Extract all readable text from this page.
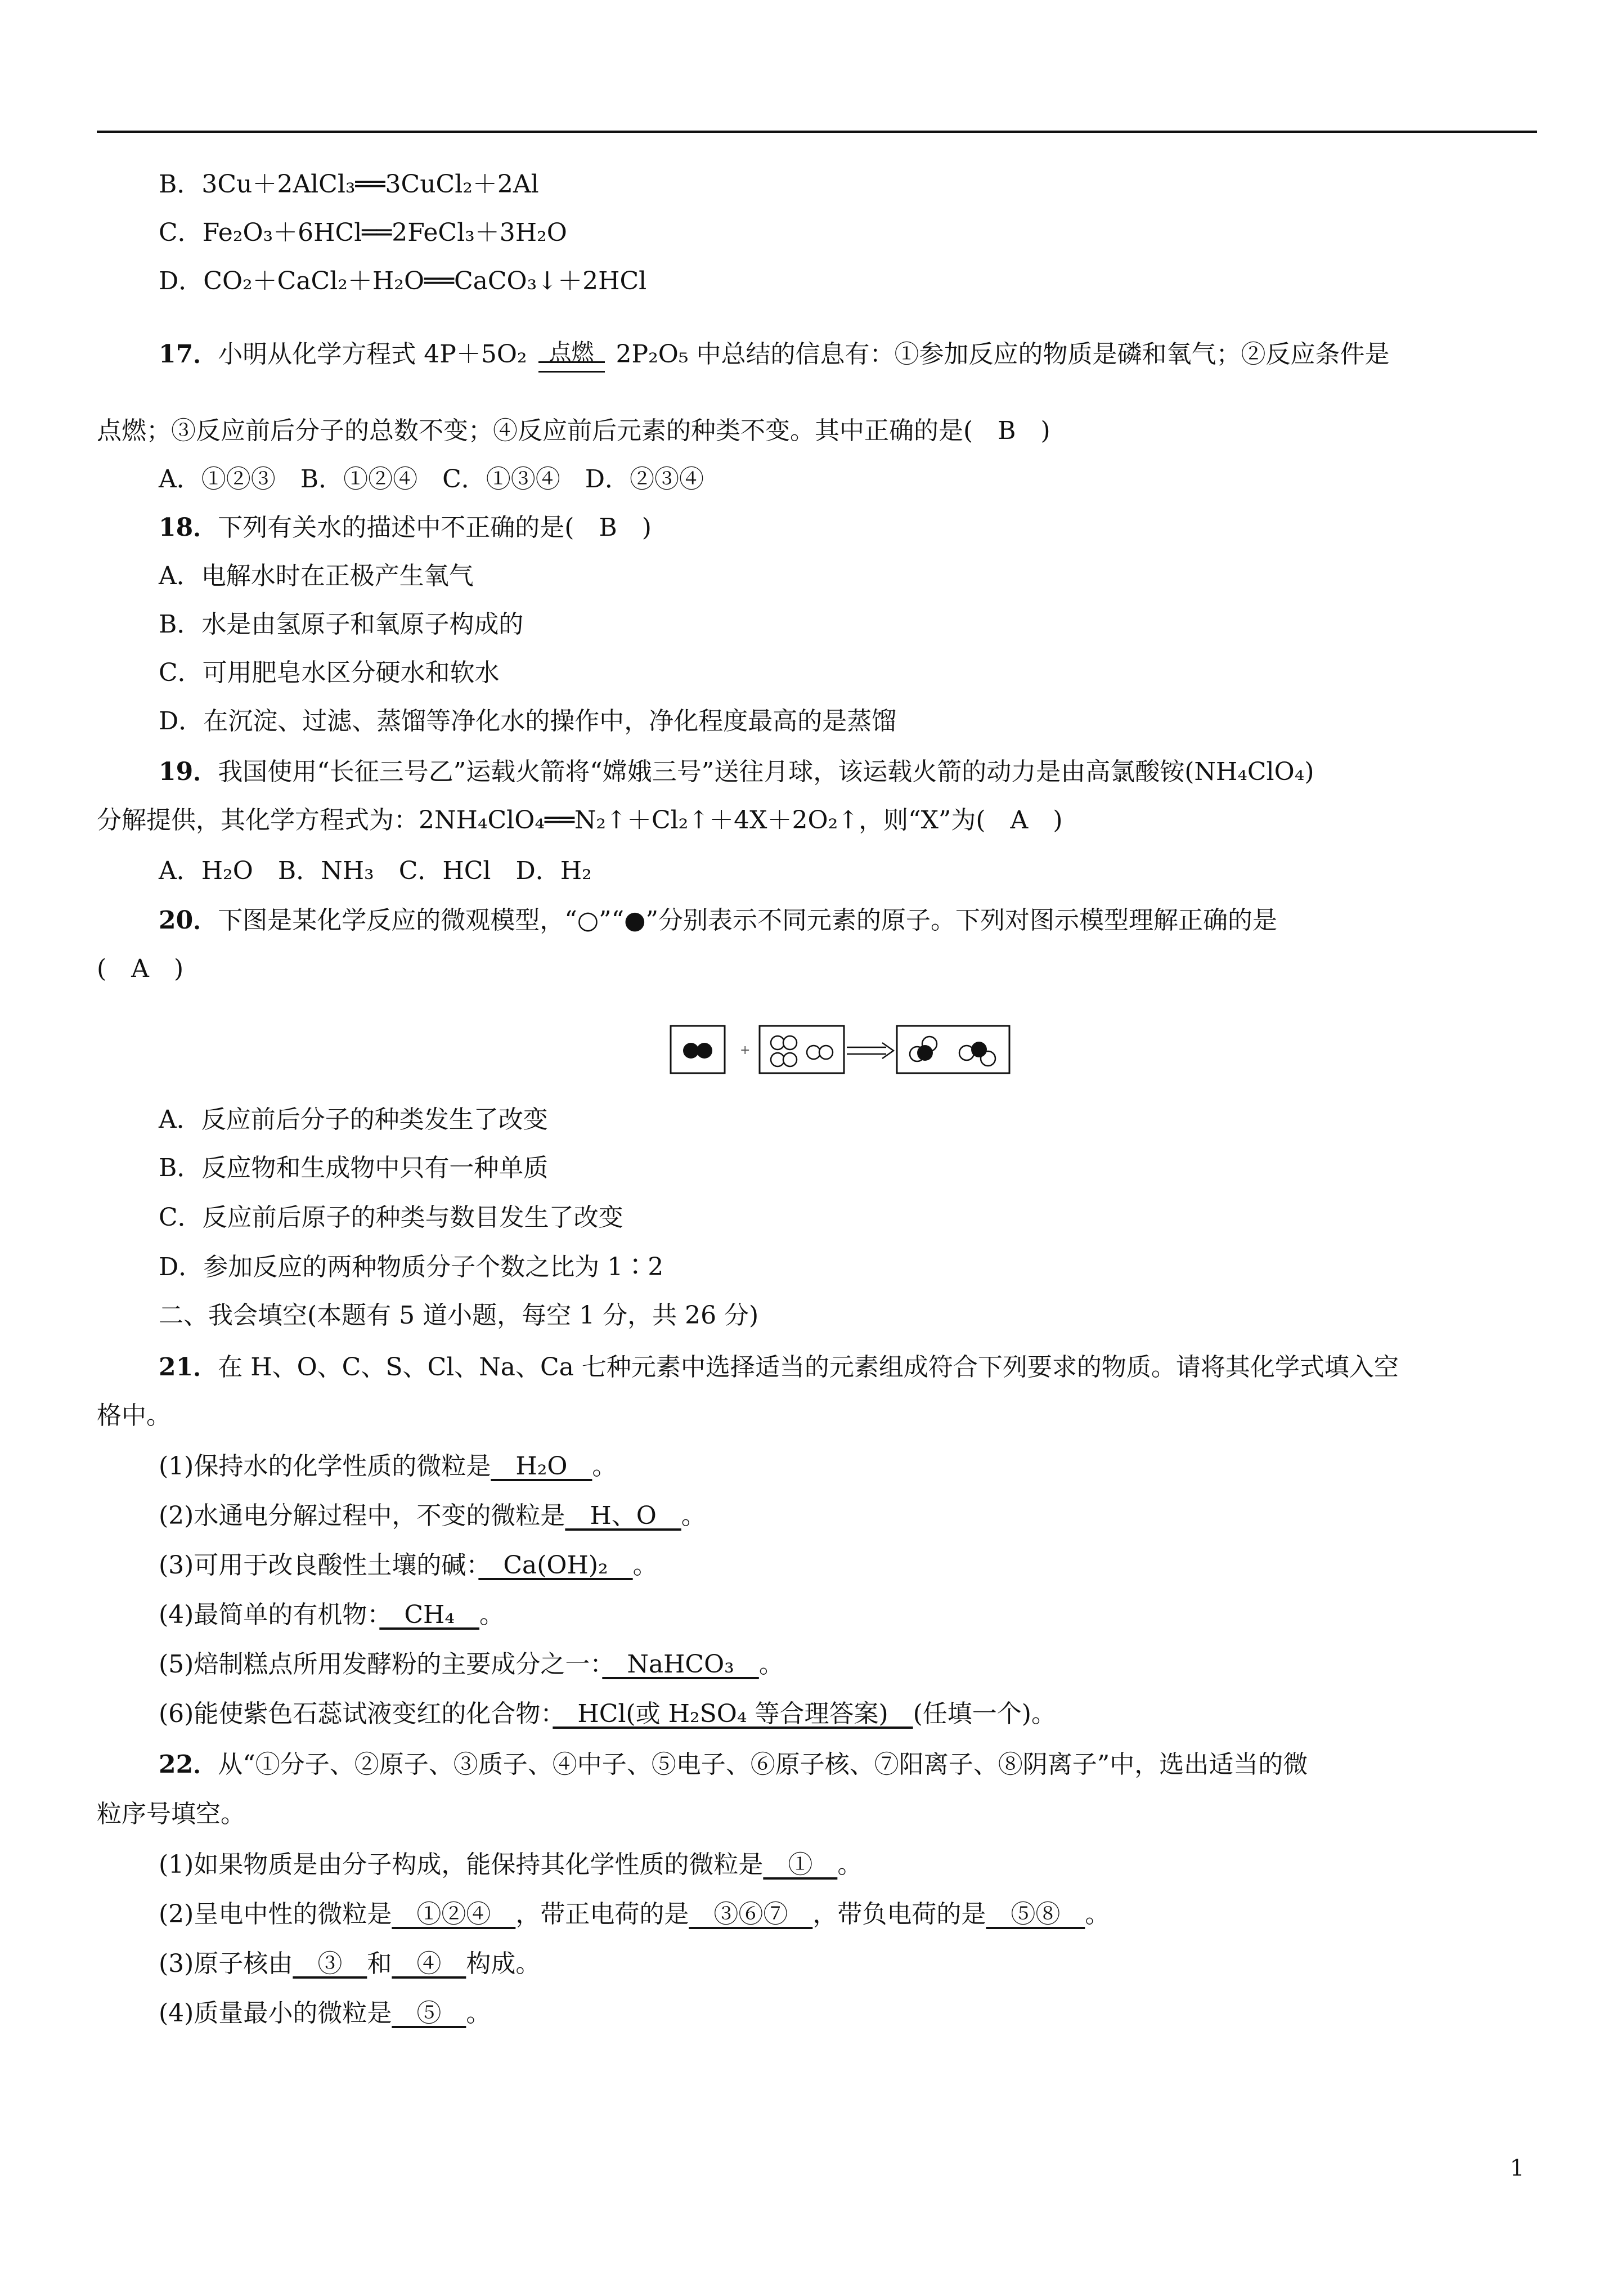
B．3Cu＋2AlCl₃══3CuCl₂＋2Al
C．Fe₂O₃＋6HCl══2FeCl₃＋3H₂O
D．CO₂＋CaCl₂＋H₂O══CaCO₃↓＋2HCl
17．小明从化学方程式 4P＋5O₂ 点燃 2P₂O₅ 中总结的信息有：①参加反应的物质是磷和氧气；②反应条件是
点燃；③反应前后分子的总数不变；④反应前后元素的种类不变。其中正确的是(　B　)
A．①②③　B．①②④　C．①③④　D．②③④
18．下列有关水的描述中不正确的是(　B　)
A．电解水时在正极产生氧气
B．水是由氢原子和氧原子构成的
C．可用肥皂水区分硬水和软水
D．在沉淀、过滤、蒸馏等净化水的操作中，净化程度最高的是蒸馏
19．我国使用“长征三号乙”运载火箭将“嫦娥三号”送往月球，该运载火箭的动力是由高氯酸铵(NH₄ClO₄)
分解提供，其化学方程式为：2NH₄ClO₄══N₂↑＋Cl₂↑＋4X＋2O₂↑，则“X”为(　A　)
A．H₂O　B．NH₃　C．HCl　D．H₂
20．下图是某化学反应的微观模型，“○”“●”分别表示不同元素的原子。下列对图示模型理解正确的是
(　A　)
+
A．反应前后分子的种类发生了改变
B．反应物和生成物中只有一种单质
C．反应前后原子的种类与数目发生了改变
D．参加反应的两种物质分子个数之比为 1∶2
二、我会填空(本题有 5 道小题，每空 1 分，共 26 分)
21．在 H、O、C、S、Cl、Na、Ca 七种元素中选择适当的元素组成符合下列要求的物质。请将其化学式填入空
格中。
(1)保持水的化学性质的微粒是　H₂O　。
(2)水通电分解过程中，不变的微粒是　H、O　。
(3)可用于改良酸性土壤的碱：　Ca(OH)₂　。
(4)最简单的有机物：　CH₄　。
(5)焙制糕点所用发酵粉的主要成分之一：　NaHCO₃　。
(6)能使紫色石蕊试液变红的化合物：　HCl(或 H₂SO₄ 等合理答案)　(任填一个)。
22．从“①分子、②原子、③质子、④中子、⑤电子、⑥原子核、⑦阳离子、⑧阴离子”中，选出适当的微
粒序号填空。
(1)如果物质是由分子构成，能保持其化学性质的微粒是　①　。
(2)呈电中性的微粒是　①②④　，带正电荷的是　③⑥⑦　，带负电荷的是　⑤⑧　。
(3)原子核由　③　和　④　构成。
(4)质量最小的微粒是　⑤　。
1
